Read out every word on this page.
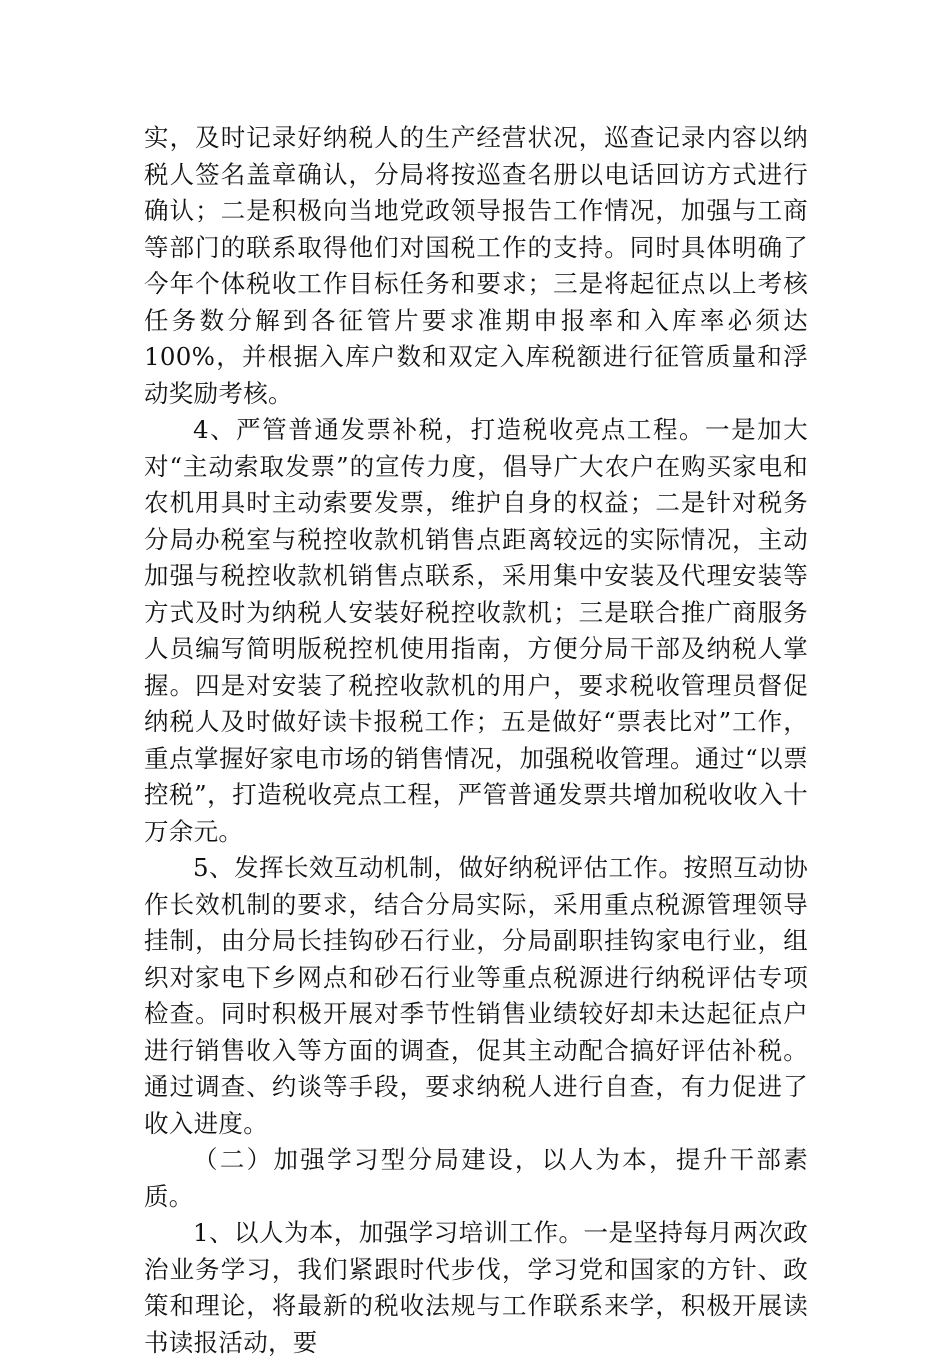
实，及时记录好纳税人的生产经营状况，巡查记录内容以纳税人签名盖章确认，分局将按巡查名册以电话回访方式进行确认；二是积极向当地党政领导报告工作情况，加强与工商等部门的联系取得他们对国税工作的支持。同时具体明确了今年个体税收工作目标任务和要求；三是将起征点以上考核任务数分解到各征管片要求准期申报率和入库率必须达100%，并根据入库户数和双定入库税额进行征管质量和浮动奖励考核。

4、严管普通发票补税，打造税收亮点工程。一是加大对“主动索取发票”的宣传力度，倡导广大农户在购买家电和农机用具时主动索要发票，维护自身的权益；二是针对税务分局办税室与税控收款机销售点距离较远的实际情况，主动加强与税控收款机销售点联系，采用集中安装及代理安装等方式及时为纳税人安装好税控收款机；三是联合推广商服务人员编写简明版税控机使用指南，方便分局干部及纳税人掌握。四是对安装了税控收款机的用户，要求税收管理员督促纳税人及时做好读卡报税工作；五是做好“票表比对”工作，重点掌握好家电市场的销售情况，加强税收管理。通过“以票控税”，打造税收亮点工程，严管普通发票共增加税收收入十万余元。

5、发挥长效互动机制，做好纳税评估工作。按照互动协作长效机制的要求，结合分局实际，采用重点税源管理领导挂制，由分局长挂钩砂石行业，分局副职挂钩家电行业，组织对家电下乡网点和砂石行业等重点税源进行纳税评估专项检查。同时积极开展对季节性销售业绩较好却未达起征点户进行销售收入等方面的调查，促其主动配合搞好评估补税。通过调查、约谈等手段，要求纳税人进行自查，有力促进了收入进度。

（二）加强学习型分局建设，以人为本，提升干部素质。

1、以人为本，加强学习培训工作。一是坚持每月两次政治业务学习，我们紧跟时代步伐，学习党和国家的方针、政策和理论，将最新的税收法规与工作联系来学，积极开展读书读报活动，要
